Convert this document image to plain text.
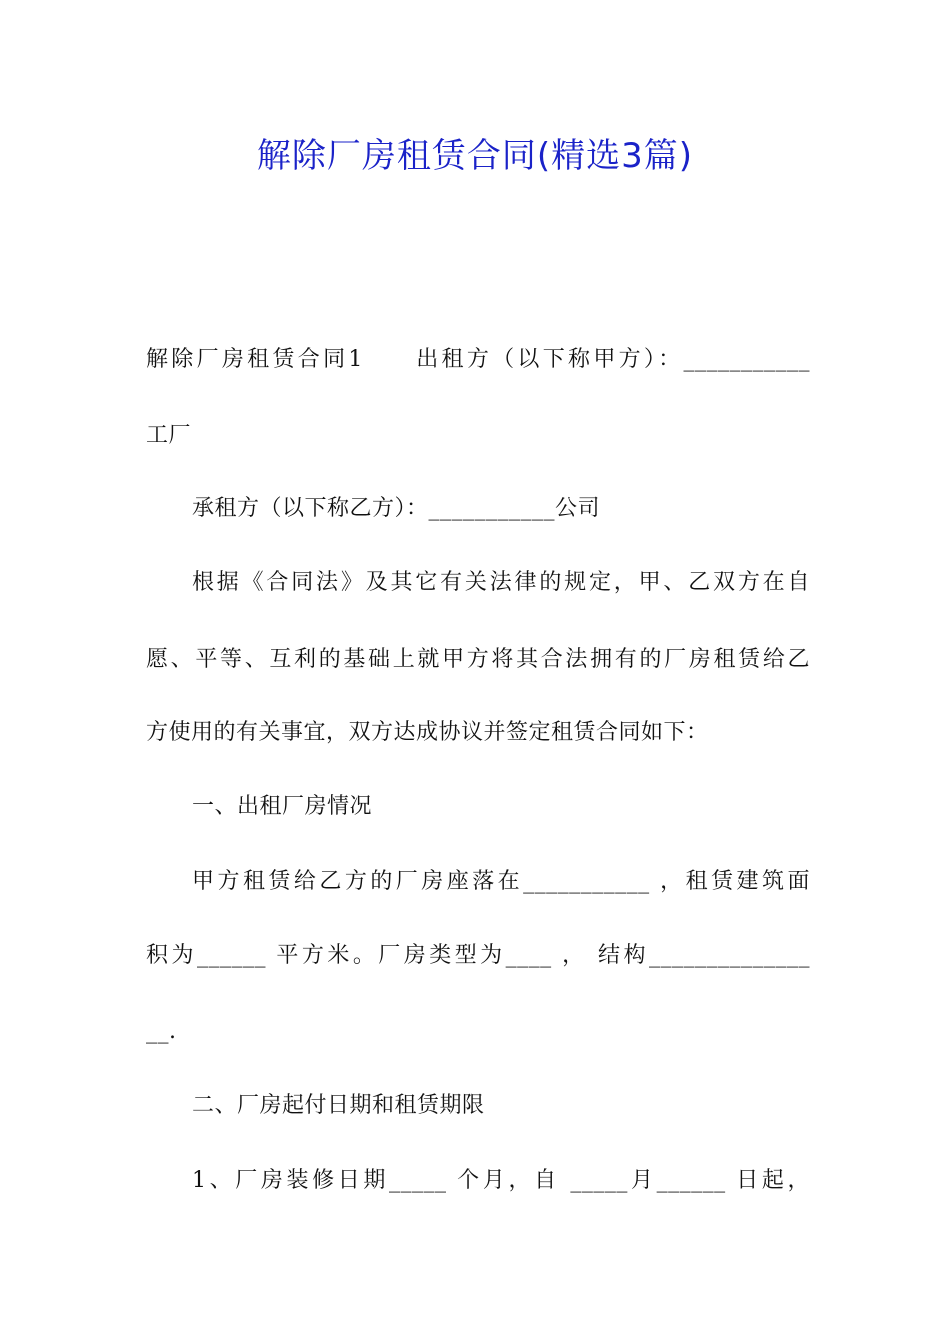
解除厂房租赁合同(精选3篇)
解除厂房租赁合同1　　出租方（以下称甲方）：___________
工厂
承租方（以下称乙方）：___________公司
根据《合同法》及其它有关法律的规定，甲、乙双方在自
愿、平等、互利的基础上就甲方将其合法拥有的厂房租赁给乙
方使用的有关事宜，双方达成协议并签定租赁合同如下：
一、出租厂房情况
甲方租赁给乙方的厂房座落在___________ ，租赁建筑面
积为______ 平方米。厂房类型为____ ， 结构______________
__.
二、厂房起付日期和租赁期限
1、厂房装修日期_____ 个月，自 _____月______ 日起，
